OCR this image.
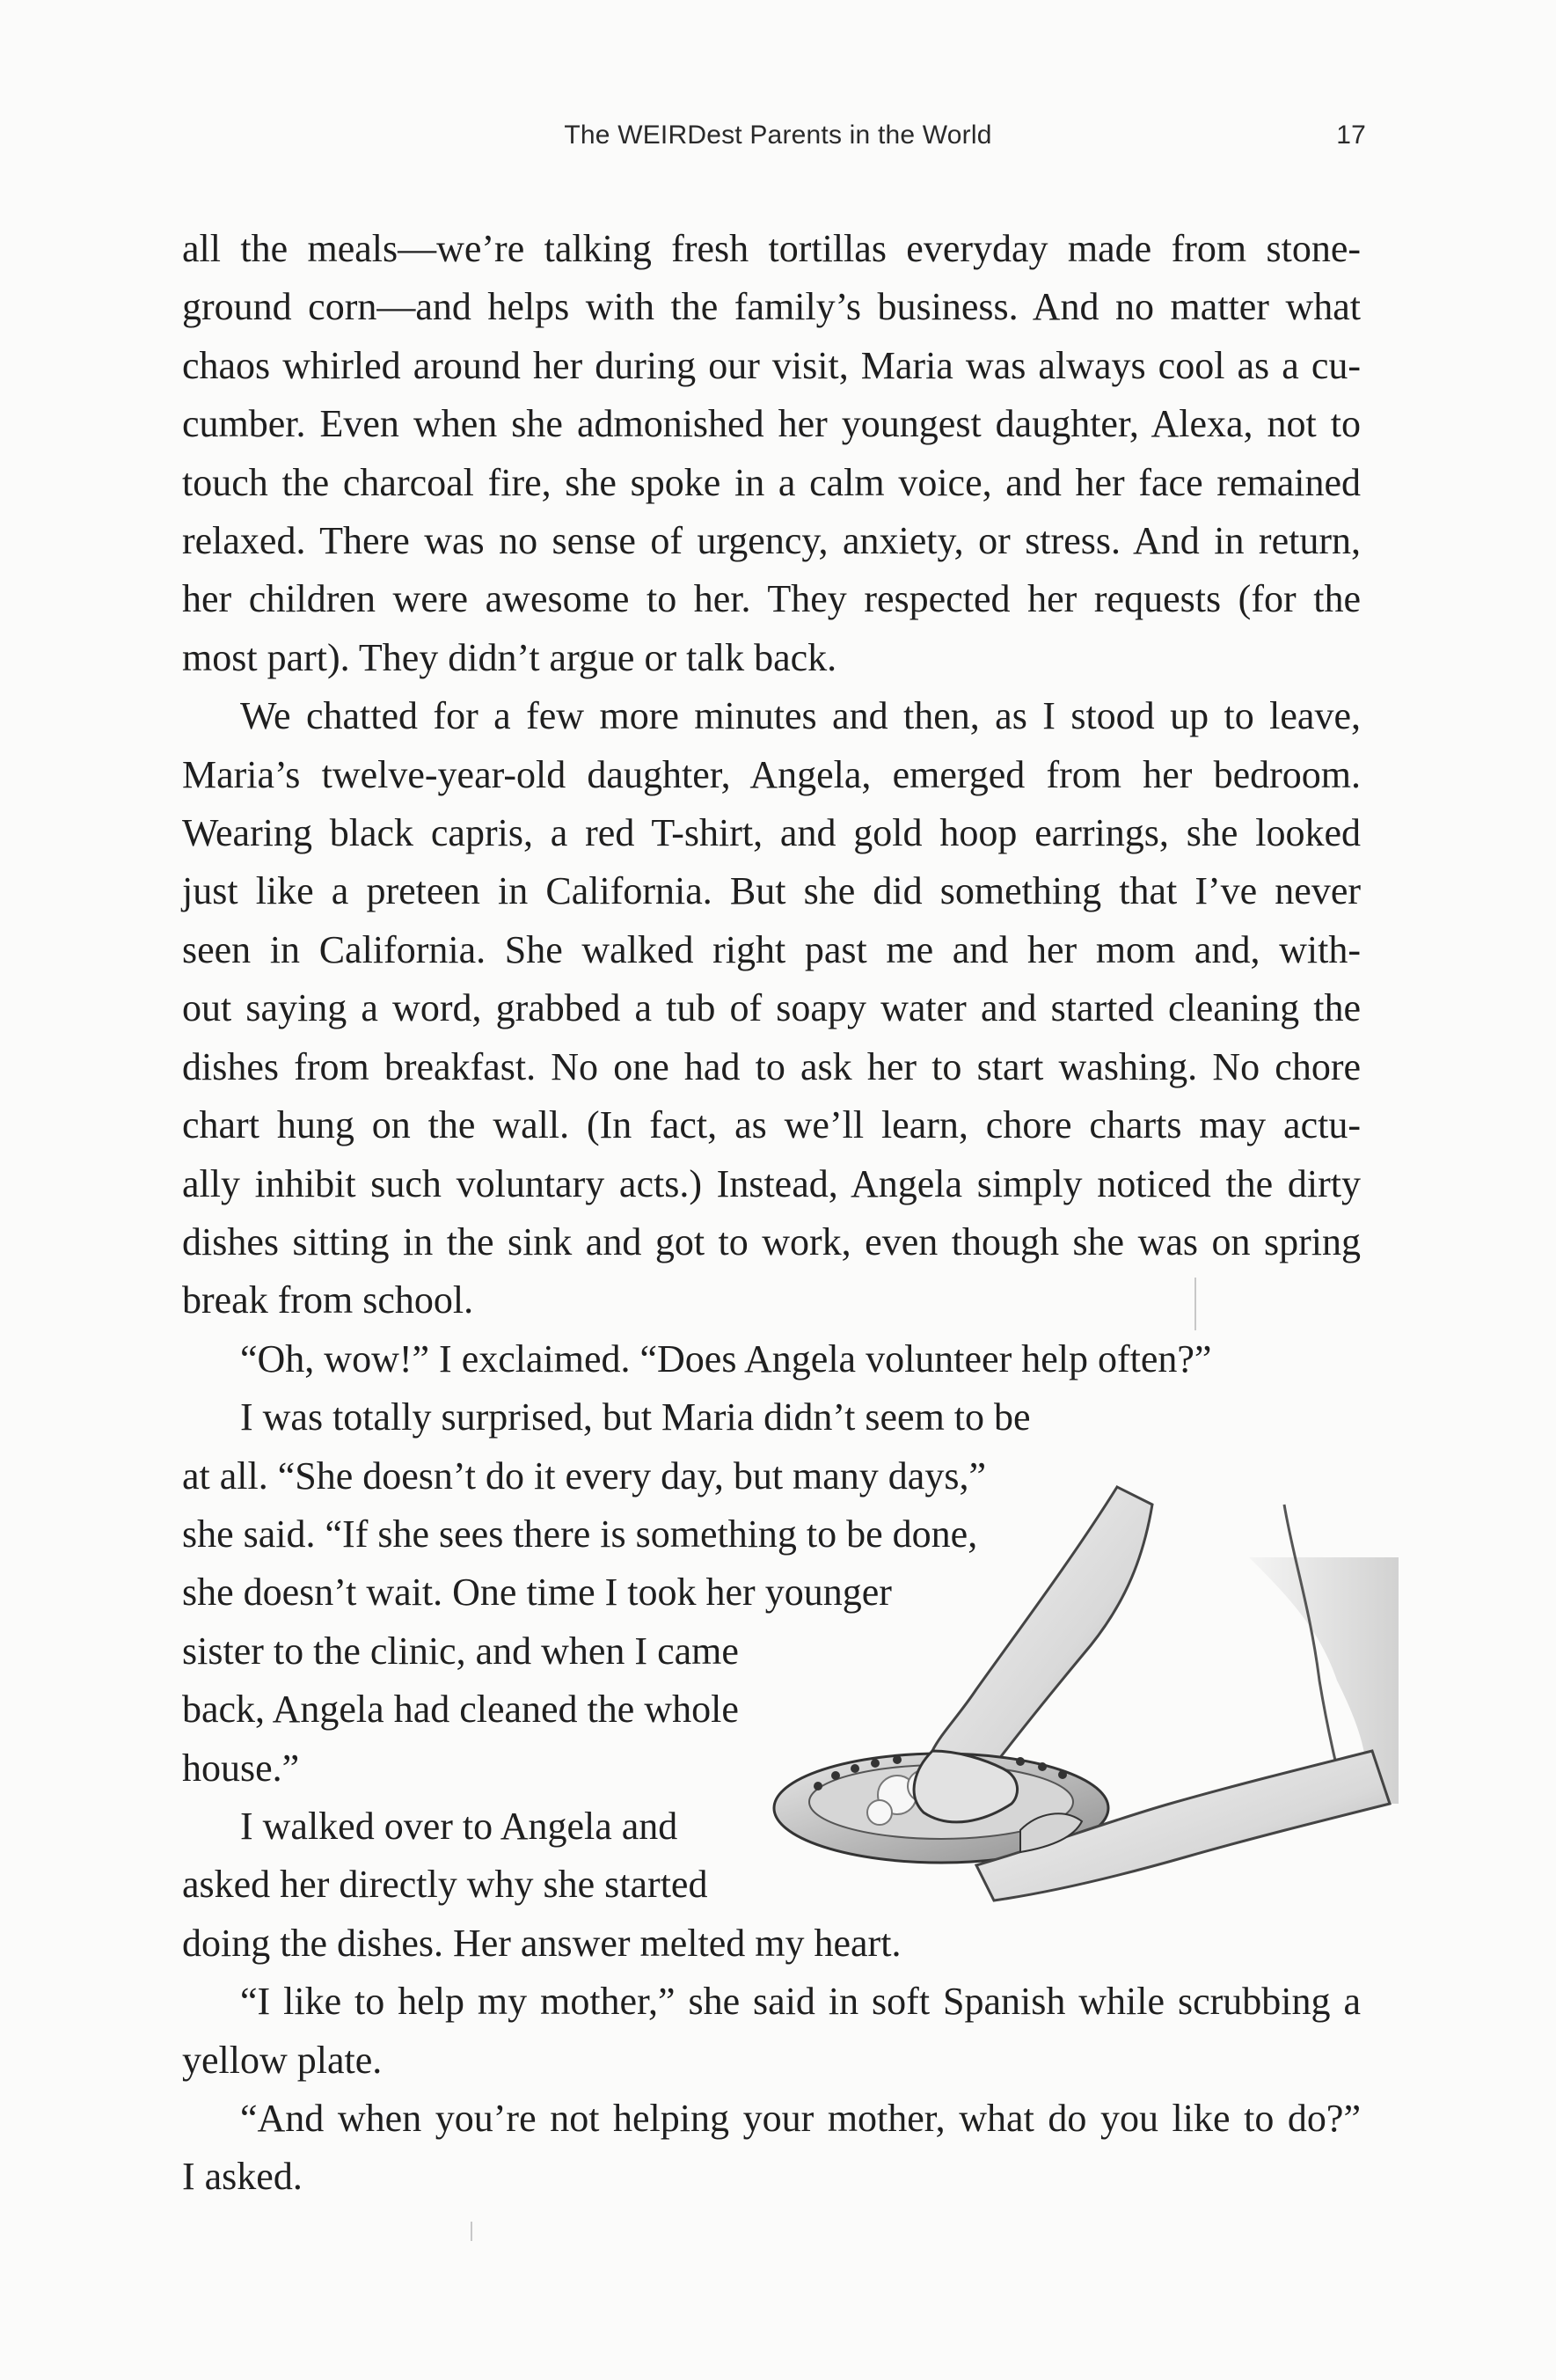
The WEIRDest Parents in the World	17

all the meals—we’re talking fresh tortillas everyday made from stone-
ground corn—and helps with the family’s business. And no matter what
chaos whirled around her during our visit, Maria was always cool as a cu-
cumber. Even when she admonished her youngest daughter, Alexa, not to
touch the charcoal fire, she spoke in a calm voice, and her face remained
relaxed. There was no sense of urgency, anxiety, or stress. And in return,
her children were awesome to her. They respected her requests (for the
most part). They didn’t argue or talk back.

We chatted for a few more minutes and then, as I stood up to leave,
Maria’s twelve-year-old daughter, Angela, emerged from her bedroom.
Wearing black capris, a red T-shirt, and gold hoop earrings, she looked
just like a preteen in California. But she did something that I’ve never
seen in California. She walked right past me and her mom and, with-
out saying a word, grabbed a tub of soapy water and started cleaning the
dishes from breakfast. No one had to ask her to start washing. No chore
chart hung on the wall. (In fact, as we’ll learn, chore charts may actu-
ally inhibit such voluntary acts.) Instead, Angela simply noticed the dirty
dishes sitting in the sink and got to work, even though she was on spring
break from school.

“Oh, wow!” I exclaimed. “Does Angela volunteer help often?”

I was totally surprised, but Maria didn’t seem to be
at all. “She doesn’t do it every day, but many days,”
she said. “If she sees there is something to be done,
she doesn’t wait. One time I took her younger
sister to the clinic, and when I came
back, Angela had cleaned the whole
house.”

I walked over to Angela and
asked her directly why she started
doing the dishes. Her answer melted my heart.

“I like to help my mother,” she said in soft Spanish while scrubbing a
yellow plate.

“And when you’re not helping your mother, what do you like to do?”
I asked.
